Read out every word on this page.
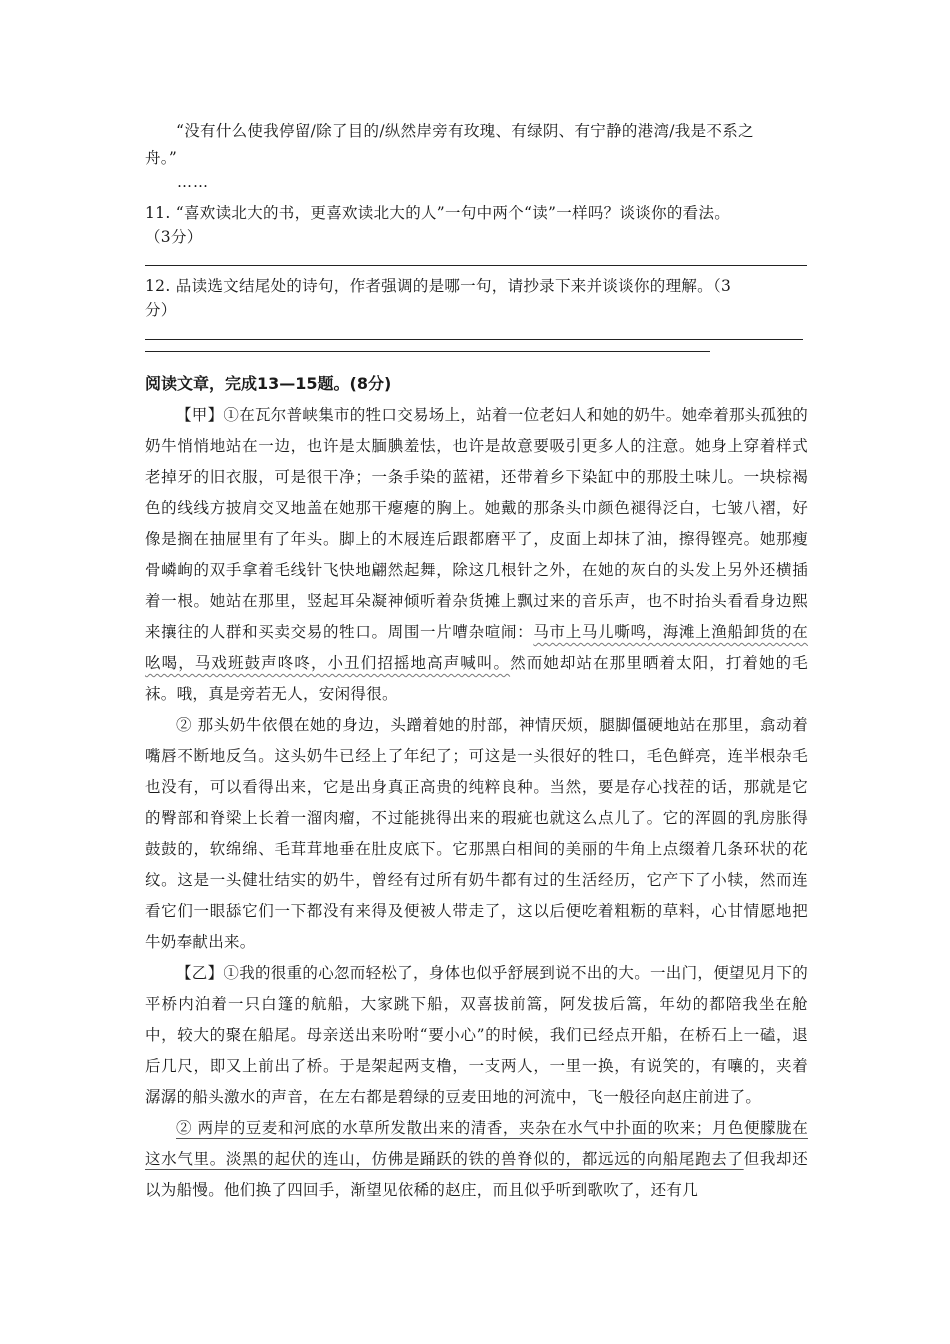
“没有什么使我停留/除了目的/纵然岸旁有玫瑰、有绿阴、有宁静的港湾/我是不系之

舟。”

……

11. “喜欢读北大的书，更喜欢读北大的人”一句中两个“读”一样吗？谈谈你的看法。

（3分）

12. 品读选文结尾处的诗句，作者强调的是哪一句，请抄录下来并谈谈你的理解。（3

分）

阅读文章，完成13—15题。(8分)

【甲】①在瓦尔普峡集市的牲口交易场上，站着一位老妇人和她的奶牛。她牵着那头孤独的奶牛悄悄地站在一边，也许是太腼腆羞怯，也许是故意要吸引更多人的注意。她身上穿着样式老掉牙的旧衣服，可是很干净；一条手染的蓝裙，还带着乡下染缸中的那股土味儿。一块棕褐色的线线方披肩交叉地盖在她那干瘪瘪的胸上。她戴的那条头巾颜色褪得泛白，七皱八褶，好像是搁在抽屉里有了年头。脚上的木屐连后跟都磨平了，皮面上却抹了油，擦得铿亮。她那瘦骨嶙峋的双手拿着毛线针飞快地翩然起舞，除这几根针之外，在她的灰白的头发上另外还横插着一根。她站在那里，竖起耳朵凝神倾听着杂货摊上飘过来的音乐声，也不时抬头看看身边熙来攘往的人群和买卖交易的牲口。周围一片嘈杂喧闹：马市上马儿嘶鸣，海滩上渔船卸货的在吆喝，马戏班鼓声咚咚，小丑们招摇地高声喊叫。然而她却站在那里晒着太阳，打着她的毛袜。哦，真是旁若无人，安闲得很。

② 那头奶牛依偎在她的身边，头蹭着她的肘部，神情厌烦，腿脚僵硬地站在那里，翕动着嘴唇不断地反刍。这头奶牛已经上了年纪了；可这是一头很好的牲口，毛色鲜亮，连半根杂毛也没有，可以看得出来，它是出身真正高贵的纯粹良种。当然，要是存心找茬的话，那就是它的臀部和脊梁上长着一溜肉瘤，不过能挑得出来的瑕疵也就这么点儿了。它的浑圆的乳房胀得鼓鼓的，软绵绵、毛茸茸地垂在肚皮底下。它那黑白相间的美丽的牛角上点缀着几条环状的花纹。这是一头健壮结实的奶牛，曾经有过所有奶牛都有过的生活经历，它产下了小犊，然而连看它们一眼舔它们一下都没有来得及便被人带走了，这以后便吃着粗粝的草料，心甘情愿地把牛奶奉献出来。

【乙】①我的很重的心忽而轻松了，身体也似乎舒展到说不出的大。一出门，便望见月下的平桥内泊着一只白篷的航船，大家跳下船，双喜拔前篙，阿发拔后篙，年幼的都陪我坐在舱中，较大的聚在船尾。母亲送出来吩咐“要小心”的时候，我们已经点开船，在桥石上一磕，退后几尺，即又上前出了桥。于是架起两支橹，一支两人，一里一换，有说笑的，有嚷的，夹着潺潺的船头激水的声音，在左右都是碧绿的豆麦田地的河流中，飞一般径向赵庄前进了。

② 两岸的豆麦和河底的水草所发散出来的清香，夹杂在水气中扑面的吹来；月色便朦胧在这水气里。淡黑的起伏的连山，仿佛是踊跃的铁的兽脊似的，都远远的向船尾跑去了但我却还以为船慢。他们换了四回手，渐望见依稀的赵庄，而且似乎听到歌吹了，还有几
